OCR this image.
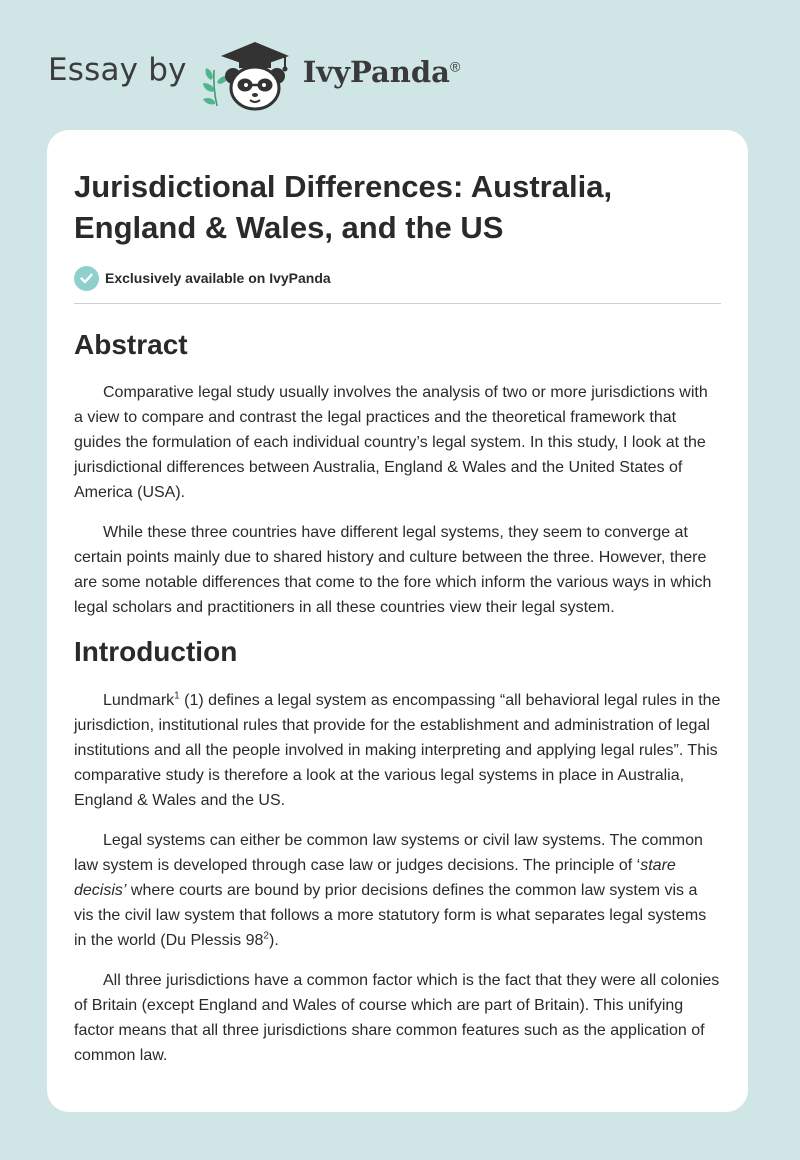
Essay by	IvyPanda®
Jurisdictional Differences: Australia, England & Wales, and the US
Exclusively available on IvyPanda
Abstract

Comparative legal study usually involves the analysis of two or more jurisdictions with a view to compare and contrast the legal practices and the theoretical framework that guides the formulation of each individual country’s legal system. In this study, I look at the jurisdictional differences between Australia, England & Wales and the United States of America (USA).

While these three countries have different legal systems, they seem to converge at certain points mainly due to shared history and culture between the three. However, there are some notable differences that come to the fore which inform the various ways in which legal scholars and practitioners in all these countries view their legal system.

Introduction

Lundmark$^1$ (1) defines a legal system as encompassing “all behavioral legal rules in the jurisdiction, institutional rules that provide for the establishment and administration of legal institutions and all the people involved in making interpreting and applying legal rules”. This comparative study is therefore a look at the various legal systems in place in Australia, England & Wales and the US.

Legal systems can either be common law systems or civil law systems. The common law system is developed through case law or judges decisions. The principle of ‘stare decisis’ where courts are bound by prior decisions defines the common law system vis a vis the civil law system that follows a more statutory form is what separates legal systems in the world (Du Plessis 98$^2$).

All three jurisdictions have a common factor which is the fact that they were all colonies of Britain (except England and Wales of course which are part of Britain). This unifying factor means that all three jurisdictions share common features such as the application of common law.
